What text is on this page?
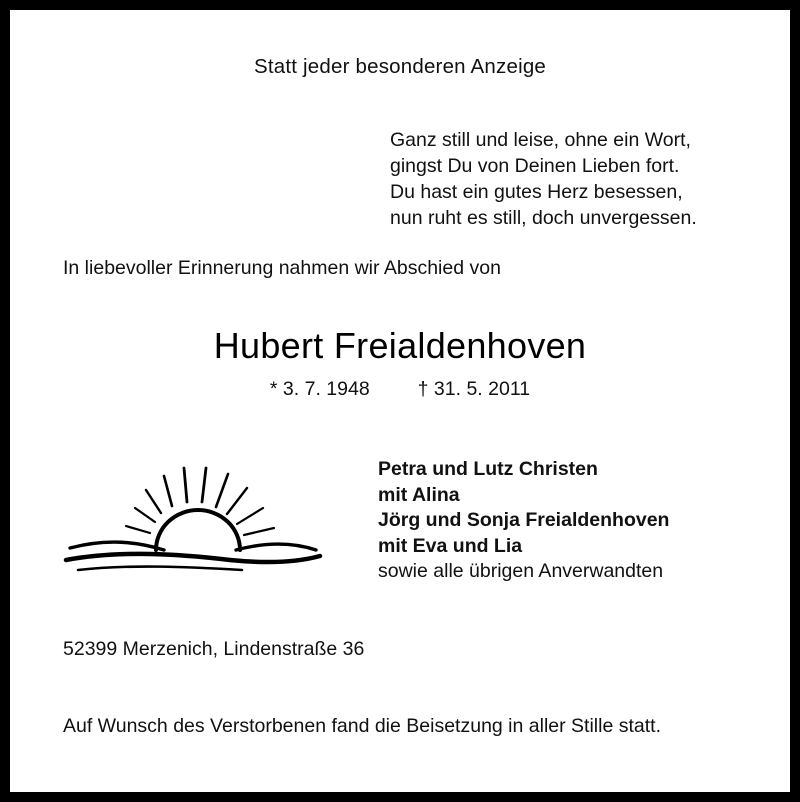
Statt jeder besonderen Anzeige
Ganz still und leise, ohne ein Wort,
gingst Du von Deinen Lieben fort.
Du hast ein gutes Herz besessen,
nun ruht es still, doch unvergessen.
In liebevoller Erinnerung nahmen wir Abschied von
Hubert Freialdenhoven
* 3. 7. 1948 † 31. 5. 2011
Petra und Lutz Christen
mit Alina
Jörg und Sonja Freialdenhoven
mit Eva und Lia
sowie alle übrigen Anverwandten
52399 Merzenich, Lindenstraße 36
Auf Wunsch des Verstorbenen fand die Beisetzung in aller Stille statt.
